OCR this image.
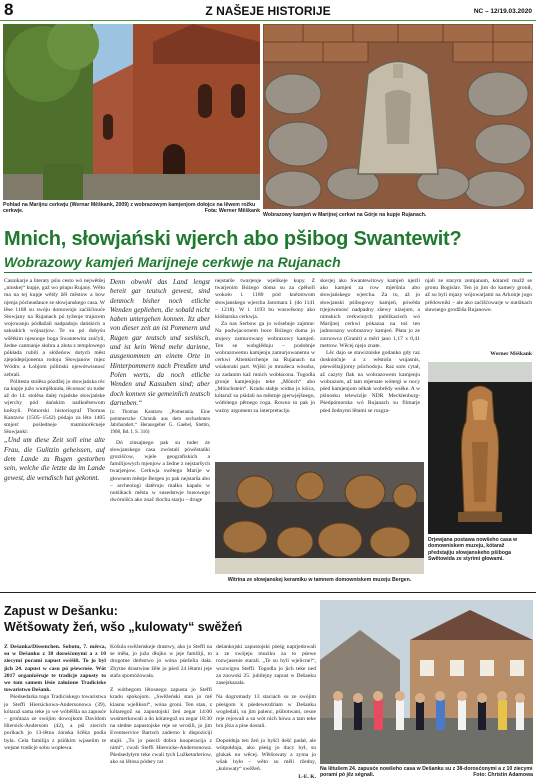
8	Z NAŠEJE HISTORIJE	NC – 12/19.03.2020
Pohlad na Marijnu cerkwju (Wernar Měškank, 2009) z wobrazowym kamjenjom dołojce na lěwem rožku cerkwje.	Fota: Werner Měškank
Wobrazowy kamjeń w Marijnej cerkwi na Górje na kupje Rujanach.
Mnich, słowjański wjerch abo pšibog Swantewit?
Wobrazowy kamjeń Marijneje cerkwje na Rujanach

Casnikarje a literaty pśiu cesto wó nejwětšej „ninskej“ kupje, gaž wo pśupu Rujany. Wěto ma na tej kupje wětšy žěl městow a bow njenja pócheadauce se słowjanskego casa. W lěse 1168 su swóju domownju zaćišćinuće Słowjany na Rujanach pó tyženje trajucem wojowanju pódłažali nadpadoju dańskich a saksskich wójnarjow. Te su pó dobyśu wšětkim njesnoge boga Swantewita zničyli, žedne cantnanje słobra a złota z templowego pókłada rubili a słóžeńow dotych měst zjepódepśjonema rodoju Słowjanow mjez Wódru a Łobjom pólitiski njewótwisnosć zebrali.

Pólitesta stolěsa pózdžej jo słowjańska réc na kupje južo wumjěknuła, lěconsoć su tuder až do 14. stolěsa dalej rujańske słowjańske wjerchy pód dańskim nadknětstwom knězyli. Pómorski historiograf Thomas Kantzow (1505–1542) pódajo za lěto 1405 smjerć pośledneje maminorěcneje Słowjanki:

„Und um diese Zeit soll eine alte Frau, die Gulitzin geheissen, auf dem Lande zu Rugen gestorben sein, welche die letzte da im Lande gewest, die wendisch hat gekonnt.

Denn obwohl das Land lengst bereit gar teutsch gewest, sind dennoch bisher noch etliche Wenden geplieben, die sobald nicht haben untergehen konnen. Itz aber von dieser zeit an ist Pommern und Rugen gar teutsch und seshisch, und ist kein Wend mehr darinne, ausgenommen an einem Orte in Hinterpommern nach Preußen und Polen werts, da noch etliche Wenden und Kassuben sind; aber doch konnen sie gemeinlich teutsch darneben.“

(z: Thomas Kantzow „Pomerania. Eine pommersche Chronik aus dem sechzehnten Jahrhundert.“ Herausgeber G. Gaebel, Stettin, 1908, Bd. I, S. 316)

Dó zinsajnego pak su tuder ze słowjanskego casa zwóstali pówěstańki grozišćow, wjele geografiskich a familijowych mjenjow a žedne z nejstaršych twarjenjow. Cerkwja swětego Marije w głownem městje Bergen jo pak nejstarša abo – archeologi datěruju małku kapału w nutśikach města w susedstwje busowego dwórnišća ako znač tšochu starju – druge

nejstarše twarjenje wjelikeje kupy. Z twarjenim Bóżego doma su za cpěhoři wokoło l. 1180 pód knězstwom słowjanskego wjercha Jaromara I. (do 1141 – 1218). W l. 1193 bu wuswěsony ako klóštarska cerkwja.

Za nas Serbow ga jo wósebnje zajmne: Na podwjacornem boce Bóżego doma jo stojecy zamurowany wobrazowy kamjeń. Ten se wobglěduju – podobnje wobrazowemu kamjenju zamurjowanemu w cerkwi Altenkirchenje na Rujanach na wśakoraki part. Wjězi jo mnušeca wósoba, za zadanim kaž mnich wobłacona. Togodla gronje kamjenjoju teke „Mönch“ abo „Mönchstein“. Kradu słabje widna jo kśica, kótaruž su pśidali na městnje pjerwjejšnego, wótbitego pětnego roga. Rowno to pak jo ważny argument za interpretaciju

skerjej ako Swantewitowy kamjeń njeźli ako kamjeń za row mjeršnia abo słowjańskego wjercha. Za to, až jo słowjanski pśibogowy kamjeń, pówěda trjejowenosć nadpadny zšewy nizejum, a nimskich cerkwinych publikacisch wó Marijnej cerkwi pókazaa na toś ten jadnorazny wobrazowy kamjeń. Płata jo ze zornowca (Granit) a měri jano 1,17 x 0,41 metrow. Wěcej njejo znate.

Lěc dajo se stawizniske godanko gdy raz doskónčnje a z wěstošu wujasnis, pśewóštajijomy pśichodoju. Raz som cytał, až cazyty flak na wobrazowem kamjenju wobrazom, až tam mjersate wótergi w nocy pśed kamjenjom někak wobrědy wsěke. A w pśinosku telewizije NDR Mecklenburg-Pśedpómorska wó Rujanach su filmarje pśed žednymi lětami se rozgra-

njali ze starym zemjanom, kótarež mužž se gronu Bogislav. Ten jo jim do kamery gronił, až su byli mjazy wójowarjami na Arkonje jogo prědowniki – ale ako zaćišćowarje w nutśikach sławnego grodžiša Rujanowe.

Werner Měškank
Drjewjana postawa nowšeho casa w domowniskem muzeju, kótaraž předstajiju słowjanskeho pšiboga Swětowida ze styrimi głowami.
Witrina ze słowjanskej keramiku w tamnem domowniskem muzeju Bergen.
Zapust w Dešanku:
Wětšowaty žeń, wšo „kulowaty“ swěžeń

Z Dešanka/Dissenchen. Sobotu, 7. měrca, su w Dešanku z 38 dorośćonymi a z 10 ziecymi porami zapust swěšili. To jo byl jich 24. zapust w casu pó pśewrośe. Wót 2017 organizěruje te tradicje zapusty to we tom samem lěsie założone Tradiciske towaristwo Dešank.

Pśedsedarka togo Tradiciskego towaristwa jo Steffi Hiersickowa-Andersonowa (39), kótaraž sama teke jo we wóbělšla na zapusće – grońtaza ze swójim dowojkom Davidom Hiersick-Andersom (42), a pśi ziecich porikach jo 13-lětna żónska šćěka podla była. Cela familija z pśiůkim wjaselim te wejsne tradicje sobu wopłewa.

Kóšula swěźeńskeje drastwy, ako jo Steffi na se měła, jo južo dłujko w jeje familiji, to drogotne derbstwo jo wóna pśeželia dała. Zbytne drastwine žěle jo pśed 24 lětami jeje stařa spomóżowała.

Z wótbegom lětosnego zapusta jo Steffi kradu spokojom. „Swěžeński stan jo mě klasnu wjeliksol“, wóna groni. Ten stan, z kótaregož su zapustojski žeń zegar 14:00 wuśmerkowali a do kótaregož su zegar 18:30 na sledne zapustojske reje se wrośili, jo jim Eventservice Bartsch zaderno k dispoziciji stajił. „To jo pśeciš dobra kooperacija z nimi“, cwali Steffi Hiersicke-Andersonowa. Pśedsedyłym teke cwali tych Lužketarleriow, ako su lětosa pódery rat
dešankojski zapustojski pśeśg naprjedowali a ze swójeju muziku za to pśewe rozwjasenie starali. „Te su byli wjelicne!“, wuzwignu Steffi. Togodla jo jich teke ned za znowski 25. jubilejny zapust w Dešanku zasejskazała.

Na dogromady 13 staciach su ze swójim pśeśgom k pśedewezdriam w Dešanku wogledali, su jim palenc, pśibotwani, cesne reje rejowali a su wót nich hówa a tam teke bru jěza a pise dostali.

Dopołdnja ten žeń jo byšći dešć padał, ale wótpołdnja, ako pśeśg jo ducy był, su glukak nu wěcej. Wětšowaty a zyma jo wšak było – wěto su měli ržedny, „kulowaty“ swěžeń.
I.-E. K.
Na lětušem 24. zapusće nowšeho casa w Dešanku su z 38-dorosćonymi a z 10 ziecymi porami pó jěz ségnali.	Foto: Christin Adamowa
